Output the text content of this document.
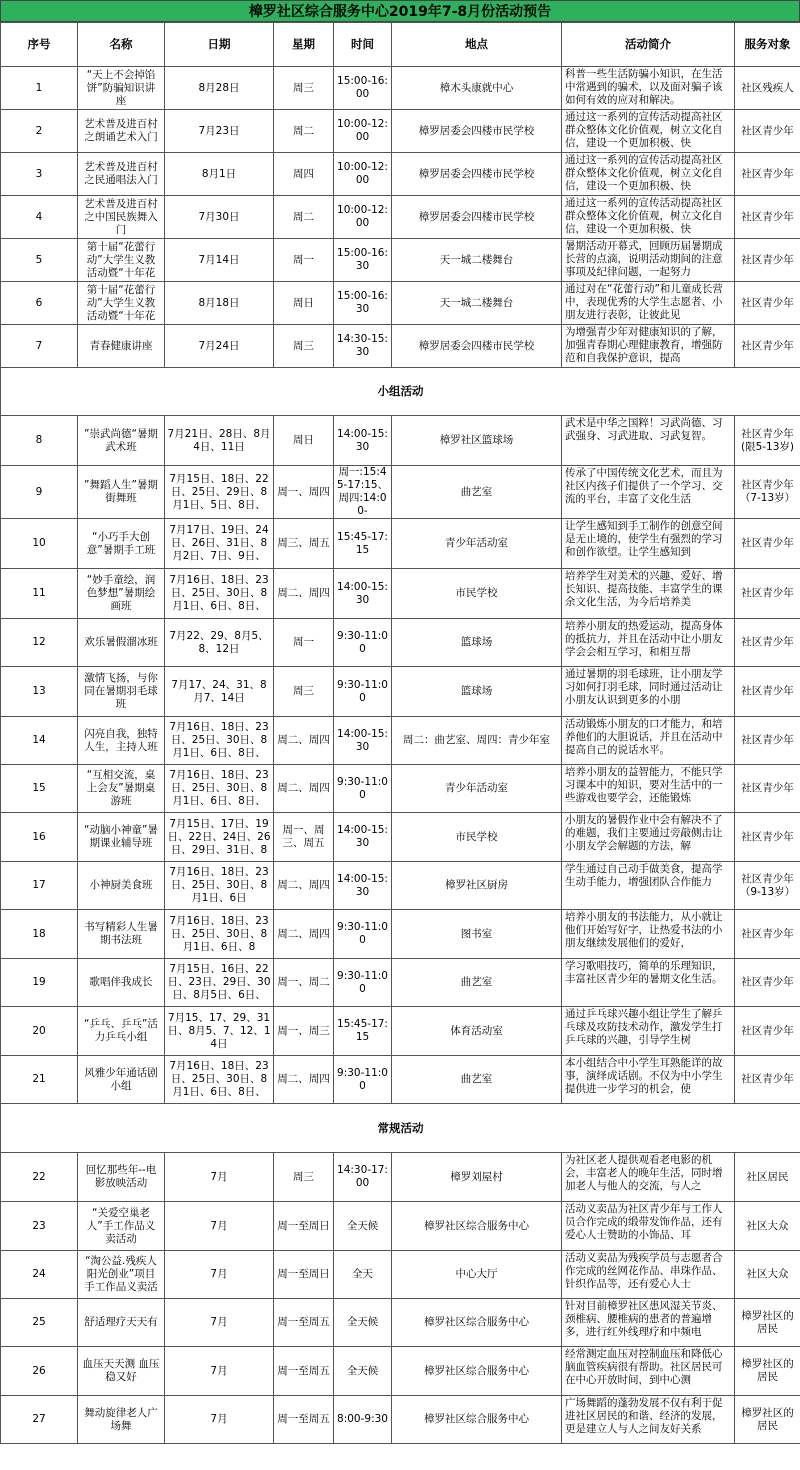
樟罗社区综合服务中心2019年7-8月份活动预告
序号	名称	日期	星期	时间	地点	活动简介	服务对象
1	“天上不会掉馅饼”防骗知识讲座	8月28日	周三	15:00-16:00	樟木头康就中心	科普一些生活防骗小知识，在生活中常遇到的骗术，以及面对骗子该如何有效的应对和解决。	社区残疾人
2	艺术普及进百村之朗诵艺术入门	7月23日	周二	10:00-12:00	樟罗居委会四楼市民学校	通过这一系列的宣传活动提高社区群众整体文化价值观，树立文化自信，建设一个更加积极、快	社区青少年
3	艺术普及进百村之民通唱法入门	8月1日	周四	10:00-12:00	樟罗居委会四楼市民学校	通过这一系列的宣传活动提高社区群众整体文化价值观，树立文化自信，建设一个更加积极、快	社区青少年
4	艺术普及进百村之中国民族舞入门	7月30日	周二	10:00-12:00	樟罗居委会四楼市民学校	通过这一系列的宣传活动提高社区群众整体文化价值观，树立文化自信，建设一个更加积极、快	社区青少年
5	第十届“花蕾行动”大学生义教活动暨“十年花	7月14日	周一	15:00-16:30	天一城二楼舞台	暑期活动开幕式，回顾历届暑期成长营的点滴，说明活动期间的注意事项及纪律问题，一起努力	社区青少年
6	第十届“花蕾行动”大学生义教活动暨“十年花	8月18日	周日	15:00-16:30	天一城二楼舞台	通过对在“花蕾行动”和儿童成长营中，表现优秀的大学生志愿者、小朋友进行表彰，让彼此见	社区青少年
7	青春健康讲座	7月24日	周三	14:30-15:30	樟罗居委会四楼市民学校	为增强青少年对健康知识的了解，加强青春期心理健康教育，增强防范和自我保护意识，提高	社区青少年
小组活动							
8	”崇武尚德“暑期武术班	7月21日、28日、8月4日、11日	周日	14:00-15:30	樟罗社区篮球场	武术是中华之国粹！习武尚德、习武强身、习武进取、习武复智。	社区青少年(限5-13岁)
9	”舞蹈人生”暑期街舞班	7月15日、18日、22日、25日、29日、8月1日、5日、8日、	周一、周四	周一:15:45-17:15、周四:14:00-	曲艺室	传承了中国传统文化艺术，而且为社区内孩子们提供了一个学习、交流的平台，丰富了文化生活	社区青少年（7-13岁）
10	“小巧手大创意”暑期手工班	7月17日、19日、24日、26日、31日、8月2日、7日、9日、	周三、周五	15:45-17:15	青少年活动室	让学生感知到手工制作的创意空间是无止境的，使学生有强烈的学习和创作欲望。让学生感知到	社区青少年
11	“妙手童绘，润色梦想”暑期绘画班	7月16日、18日、23日、25日、30日、8月1日、6日、8日、	周二、周四	14:00-15:30	市民学校	培养学生对美术的兴趣、爱好、增长知识、提高技能、丰富学生的课余文化生活，为今后培养美	社区青少年
12	欢乐暑假溜冰班	7月22、29、8月5、8、12日	周一	9:30-11:00	篮球场	培养小朋友的热爱运动，提高身体的抵抗力，并且在活动中让小朋友学会会相互学习，和相互帮	社区青少年
13	激情飞扬，与你同在暑期羽毛球班	7月17、24、31、8月7、14日	周三	9:30-11:00	篮球场	通过暑期的羽毛球班，让小朋友学习如何打羽毛球，同时通过活动让小朋友认识到更多的小朋	社区青少年
14	闪亮自我，独特人生，主持人班	7月16日、18日、23日、25日、30日、8月1日、6日、8日、	周二、周四	14:00-15:30	周二：曲艺室、周四：青少年室	活动锻炼小朋友的口才能力，和培养他们的大胆说话，并且在活动中提高自己的说话水平。	社区青少年
15	“互相交流，桌上会友”暑期桌游班	7月16日、18日、23日、25日、30日、8月1日、6日、8日、	周二、周四	9:30-11:00	青少年活动室	培养小朋友的益智能力，不能只学习课本中的知识，要对生活中的一些游戏也要学会，还能锻炼	社区青少年
16	“动脑小神童”暑期课业辅导班	7月15日、17日、19日、22日、24日、26日、29日、31日、8	周一、周三、周五	14:00-15:30	市民学校	小朋友的暑假作业中会有解决不了的难题，我们主要通过旁敲侧击让小朋友学会解题的方法，解	社区青少年
17	小神厨美食班	7月16日、18日、23日、25日、30日、8月1日、6日	周二、周四	14:00-15:30	樟罗社区厨房	学生通过自己动手做美食，提高学生动手能力，增强团队合作能力	社区青少年（9-13岁）
18	书写精彩人生暑期书法班	7月16日、18日、23日、25日、30日、8月1日、6日、8	周二、周四	9:30-11:00	图书室	培养小朋友的书法能力，从小就让他们开始写好字，让热爱书法的小朋友继续发展他们的爱好，	社区青少年
19	歌唱伴我成长	7月15日、16日、22日、23日、29日、30日、8月5日、6日、	周一、周二	9:30-11:00	曲艺室	学习歌唱技巧，简单的乐理知识，丰富社区青少年的暑期文化生活。	社区青少年
20	“乒乓、乒乓”活力乒乓小组	7月15、17、29、31日、8月5、7、12、14日	周一、周三	15:45-17:15	体育活动室	通过乒乓球兴趣小组让学生了解乒乓球及攻防技术动作，激发学生打乒乓球的兴趣，引导学生树	社区青少年
21	风雅少年通话剧小组	7月16日、18日、23日、25日、30日、8月1日、6日、8日、	周二、周四	9:30-11:00	曲艺室	本小组结合中小学生耳熟能详的故事，演绎成话剧。不仅为中小学生提供进一步学习的机会，使	社区青少年
常规活动							
22	回忆那些年--电影放映活动	7月	周三	14:30-17:00	樟罗刘屋村	为社区老人提供观看老电影的机会，丰富老人的晚年生活，同时增加老人与他人的交流，与人之	社区居民
23	“关爱空巢老人”手工作品义卖活动	7月	周一至周日	全天候	樟罗社区综合服务中心	活动义卖品为社区青少年与工作人员合作完成的缎带发饰作品，还有爱心人士赞助的小饰品、耳	社区大众
24	“淘公益.残疾人阳光创业”项目手工作品义卖活	7月	周一至周日	全天	中心大厅	活动义卖品为残疾学员与志愿者合作完成的丝网花作品、串珠作品、针织作品等，还有爱心人士	社区大众
25	舒适理疗天天有	7月	周一至周五	全天候	樟罗社区综合服务中心	针对目前樟罗社区患风湿关节炎、颈椎病、腰椎病的患者的普遍增多，进行红外线理疗和中频电	樟罗社区的居民
26	血压天天测 血压稳又好	7月	周一至周五	全天候	樟罗社区综合服务中心	经常测定血压对控制血压和降低心脑血管疾病很有帮助。社区居民可在中心开放时间，到中心测	樟罗社区的居民
27	舞动旋律老人广场舞	7月	周一至周五	8:00-9:30	樟罗社区综合服务中心	广场舞蹈的蓬勃发展不仅有利于促进社区居民的和谐、经济的发展，更是建立人与人之间友好关系	樟罗社区的居民
